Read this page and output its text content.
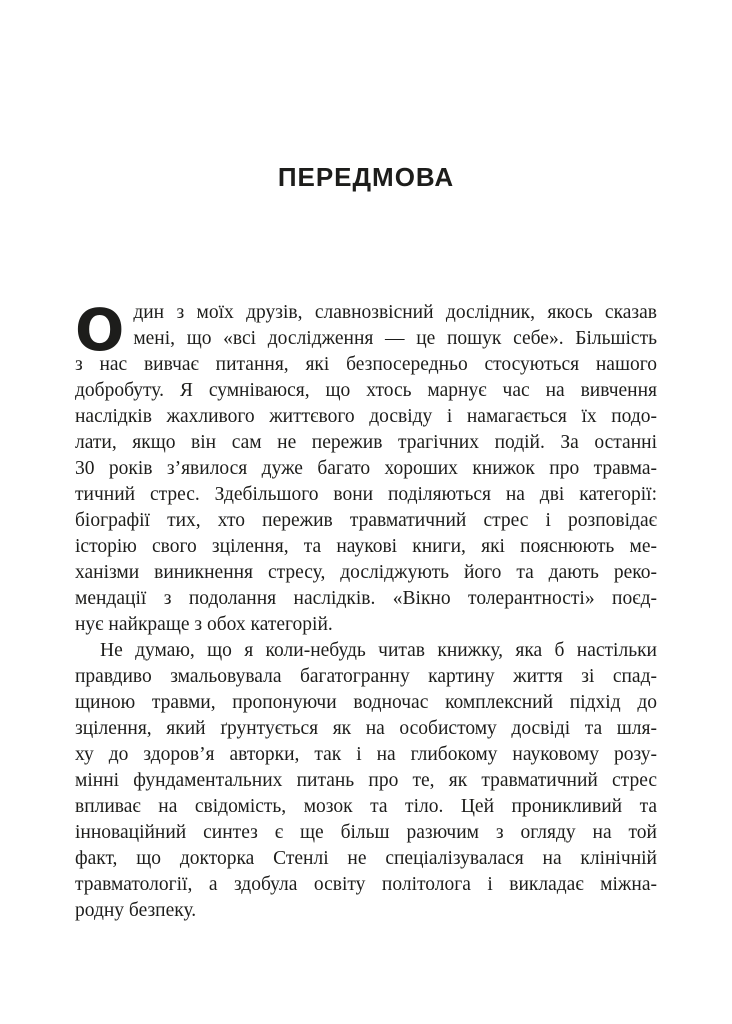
ПЕРЕДМОВА
О дин з моїх друзів, славнозвісний дослідник, якось сказав
мені, що «всі дослідження — це пошук себе». Більшість
з нас вивчає питання, які безпосередньо стосуються нашого
добробуту. Я сумніваюся, що хтось марнує час на вивчення
наслідків жахливого життєвого досвіду і намагається їх подо-
лати, якщо він сам не пережив трагічних подій. За останні
30 років з’явилося дуже багато хороших книжок про травма-
тичний стрес. Здебільшого вони поділяються на дві категорії:
біографії тих, хто пережив травматичний стрес і розповідає
історію свого зцілення, та наукові книги, які пояснюють ме-
ханізми виникнення стресу, досліджують його та дають реко-
мендації з подолання наслідків. «Вікно толерантності» поєд-
нує найкраще з обох категорій.
Не думаю, що я коли-небудь читав книжку, яка б настільки
правдиво змальовувала багатогранну картину життя зі спад-
щиною травми, пропонуючи водночас комплексний підхід до
зцілення, який ґрунтується як на особистому досвіді та шля-
ху до здоров’я авторки, так і на глибокому науковому розу-
мінні фундаментальних питань про те, як травматичний стрес
впливає на свідомість, мозок та тіло. Цей проникливий та
інноваційний синтез є ще більш разючим з огляду на той
факт, що докторка Стенлі не спеціалізувалася на клінічній
травматології, а здобула освіту політолога і викладає міжна-
родну безпеку.
